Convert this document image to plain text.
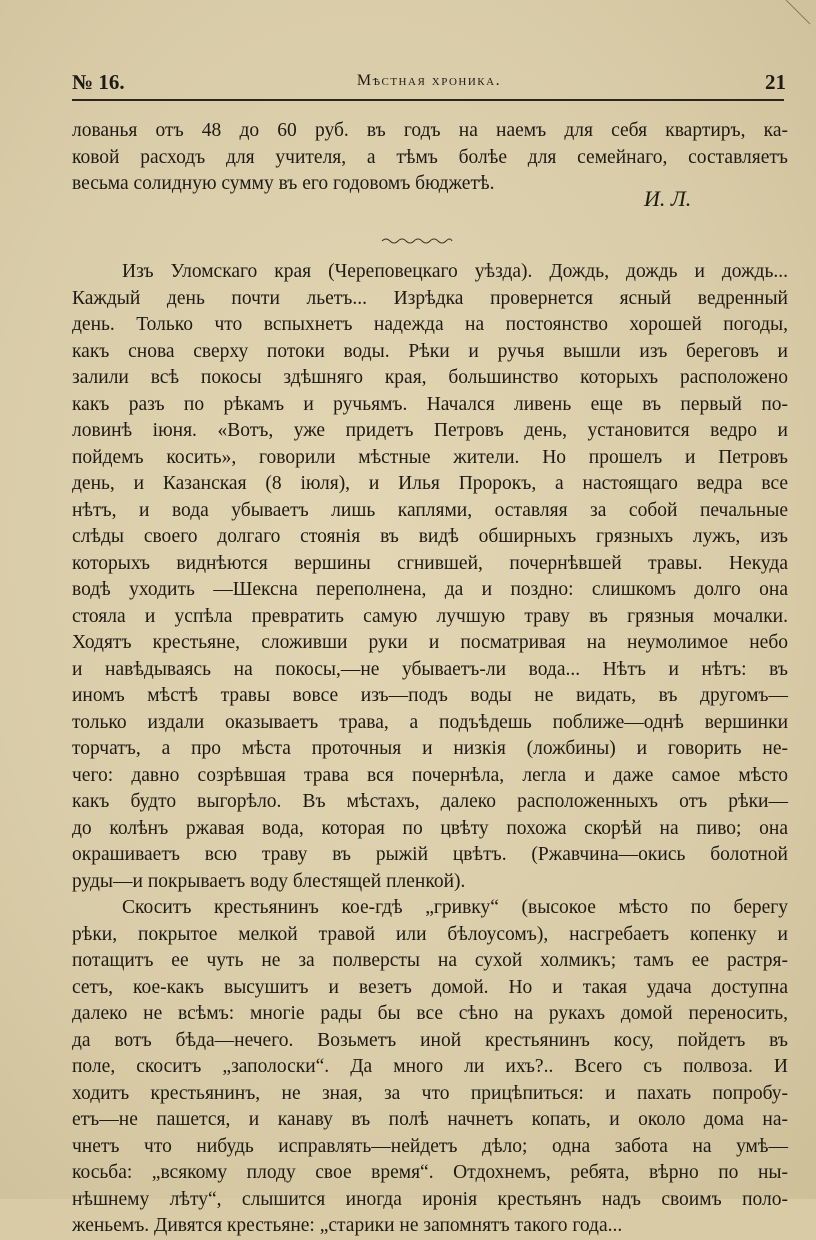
№ 16.	Мѣстная хроника.	21
лованья отъ 48 до 60 руб. въ годъ на наемъ для себя квартиръ, ка-
ковой расходъ для учителя, а тѣмъ болѣе для семейнаго, составляетъ
весьма солидную сумму въ его годовомъ бюджетѣ.
И. Л.
Изъ Уломскаго края (Череповецкаго уѣзда). Дождь, дождь и дождь...
Каждый день почти льетъ... Изрѣдка провернется ясный ведренный
день. Только что вспыхнетъ надежда на постоянство хорошей погоды,
какъ снова сверху потоки воды. Рѣки и ручья вышли изъ береговъ и
залили всѣ покосы здѣшняго края, большинство которыхъ расположено
какъ разъ по рѣкамъ и ручьямъ. Начался ливень еще въ первый по-
ловинѣ іюня. «Вотъ, уже придетъ Петровъ день, установится ведро и
пойдемъ косить», говорили мѣстные жители. Но прошелъ и Петровъ
день, и Казанская (8 іюля), и Илья Пророкъ, а настоящаго ведра все
нѣтъ, и вода убываетъ лишь каплями, оставляя за собой печальные
слѣды своего долгаго стоянія въ видѣ обширныхъ грязныхъ лужъ, изъ
которыхъ виднѣются вершины сгнившей, почернѣвшей травы. Некуда
водѣ уходить —Шексна переполнена, да и поздно: слишкомъ долго она
стояла и успѣла превратить самую лучшую траву въ грязныя мочалки.
Ходятъ крестьяне, сложивши руки и посматривая на неумолимое небо
и навѣдываясь на покосы,—не убываетъ-ли вода... Нѣтъ и нѣтъ: въ
иномъ мѣстѣ травы вовсе изъ—подъ воды не видать, въ другомъ—
только издали оказываетъ трава, а подъѣдешь поближе—однѣ вершинки
торчатъ, а про мѣста проточныя и низкія (ложбины) и говорить не-
чего: давно созрѣвшая трава вся почернѣла, легла и даже самое мѣсто
какъ будто выгорѣло. Въ мѣстахъ, далеко расположенныхъ отъ рѣки—
до колѣнъ ржавая вода, которая по цвѣту похожа скорѣй на пиво; она
окрашиваетъ всю траву въ рыжій цвѣтъ. (Ржавчина—окись болотной
руды—и покрываетъ воду блестящей пленкой).
Скоситъ крестьянинъ кое-гдѣ „гривку“ (высокое мѣсто по берегу
рѣки, покрытое мелкой травой или бѣлоусомъ), насгребаетъ копенку и
потащитъ ее чуть не за полверсты на сухой холмикъ; тамъ ее растря-
сетъ, кое-какъ высушитъ и везетъ домой. Но и такая удача доступна
далеко не всѣмъ: многіе рады бы все сѣно на рукахъ домой переносить,
да вотъ бѣда—нечего. Возьметъ иной крестьянинъ косу, пойдетъ въ
поле, скоситъ „заполоски“. Да много ли ихъ?.. Всего съ полвоза. И
ходитъ крестьянинъ, не зная, за что прицѣпиться: и пахать попробу-
етъ—не пашется, и канаву въ полѣ начнетъ копать, и около дома на-
чнетъ что нибудь исправлять—нейдетъ дѣло; одна забота на умѣ—
косьба: „всякому плоду свое время“. Отдохнемъ, ребята, вѣрно по ны-
нѣшнему лѣту“, слышится иногда иронія крестьянъ надъ своимъ поло-
женьемъ. Дивятся крестьяне: „старики не запомнятъ такого года...
